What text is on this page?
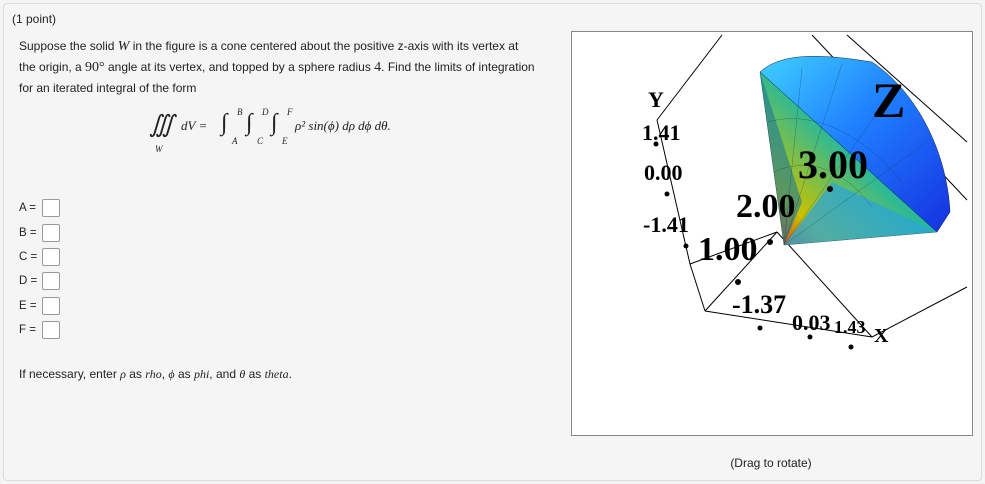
(1 point)
Suppose the solid W in the figure is a cone centered about the positive z-axis with its vertex at
the origin, a 90° angle at its vertex, and topped by a sphere radius 4. Find the limits of integration
for an iterated integral of the form
∭
W
dV = ∫ B
A
∫ D
C
∫ F
E
ρ² sin(ϕ) dρ dϕ dθ.
A =
B =
C =
D =
E =
F =
If necessary, enter ρ as rho, ϕ as phi, and θ as theta.
Y	Z
X
1.41
0.00
-1.41
3.00
2.00
1.00
-1.37
0.03 1.43
(Drag to rotate)
